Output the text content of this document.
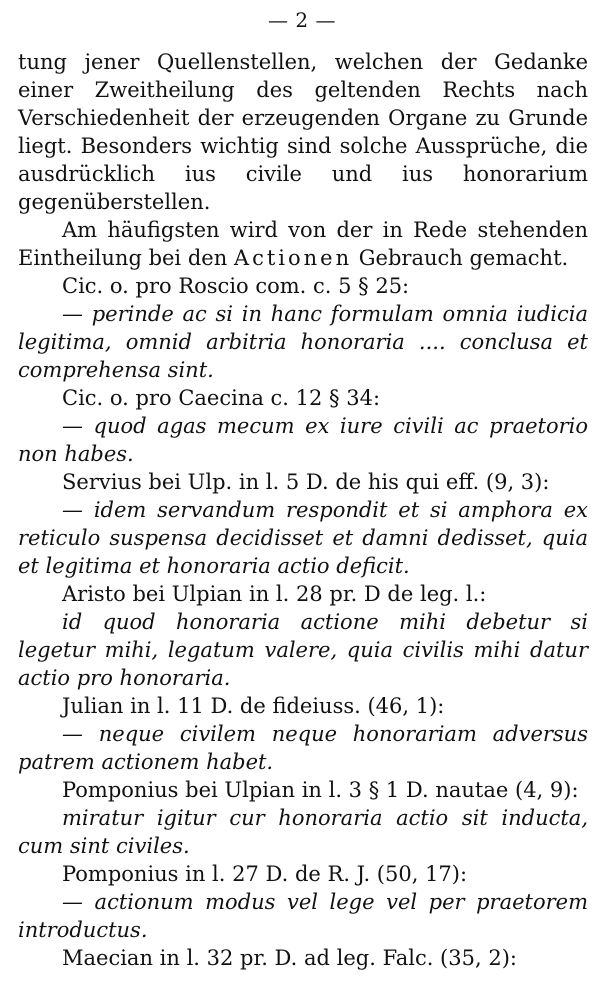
— 2 —

tung jener Quellenstellen, welchen der Gedanke einer Zweitheilung des geltenden Rechts nach Verschiedenheit der erzeugenden Organe zu Grunde liegt. Besonders wichtig sind solche Aussprüche, die ausdrücklich ius civile und ius honorarium gegenüberstellen.

Am häufigsten wird von der in Rede stehenden Eintheilung bei den Actionen Gebrauch gemacht.

Cic. o. pro Roscio com. c. 5 § 25:

— perinde ac si in hanc formulam omnia iudicia legitima, omnid arbitria honoraria .... conclusa et comprehensa sint.

Cic. o. pro Caecina c. 12 § 34:

— quod agas mecum ex iure civili ac praetorio non habes.

Servius bei Ulp. in l. 5 D. de his qui eff. (9, 3):

— idem servandum respondit et si amphora ex reticulo suspensa decidisset et damni dedisset, quia et legitima et honoraria actio deficit.

Aristo bei Ulpian in l. 28 pr. D de leg. l.:

id quod honoraria actione mihi debetur si legetur mihi, legatum valere, quia civilis mihi datur actio pro honoraria.

Julian in l. 11 D. de fideiuss. (46, 1):

— neque civilem neque honorariam adversus patrem actionem habet.

Pomponius bei Ulpian in l. 3 § 1 D. nautae (4, 9):

miratur igitur cur honoraria actio sit inducta, cum sint civiles.

Pomponius in l. 27 D. de R. J. (50, 17):

— actionum modus vel lege vel per praetorem introductus.

Maecian in l. 32 pr. D. ad leg. Falc. (35, 2):
